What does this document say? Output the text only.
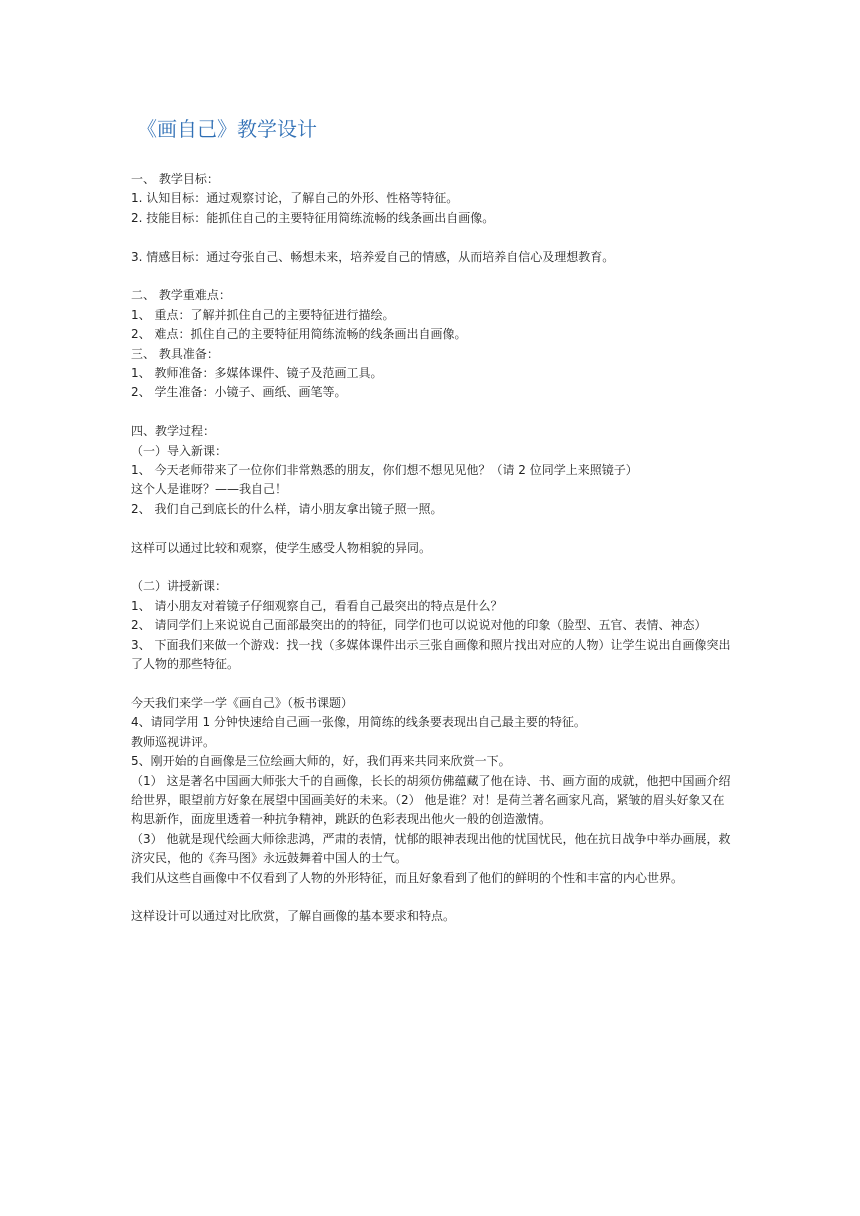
《画自己》教学设计

一、 教学目标：

1. 认知目标：通过观察讨论，了解自己的外形、性格等特征。

2. 技能目标：能抓住自己的主要特征用简练流畅的线条画出自画像。

3. 情感目标：通过夸张自己、畅想未来，培养爱自己的情感，从而培养自信心及理想教育。

二、 教学重难点：

1、 重点：了解并抓住自己的主要特征进行描绘。

2、 难点：抓住自己的主要特征用简练流畅的线条画出自画像。

三、 教具准备：

1、 教师准备：多媒体课件、镜子及范画工具。

2、 学生准备：小镜子、画纸、画笔等。

四、教学过程：

（一）导入新课：

1、 今天老师带来了一位你们非常熟悉的朋友，你们想不想见见他？（请 2 位同学上来照镜子）

这个人是谁呀？——我自己！

2、 我们自己到底长的什么样，请小朋友拿出镜子照一照。

这样可以通过比较和观察，使学生感受人物相貌的异同。

（二）讲授新课：

1、 请小朋友对着镜子仔细观察自己，看看自己最突出的特点是什么？

2、 请同学们上来说说自己面部最突出的的特征，同学们也可以说说对他的印象（脸型、五官、表情、神态）

3、 下面我们来做一个游戏：找一找（多媒体课件出示三张自画像和照片找出对应的人物）让学生说出自画像突出了人物的那些特征。

今天我们来学一学《画自己》（板书课题）

4、请同学用 1 分钟快速给自己画一张像，用简练的线条要表现出自己最主要的特征。

教师巡视讲评。

5、刚开始的自画像是三位绘画大师的，好，我们再来共同来欣赏一下。

（1） 这是著名中国画大师张大千的自画像，长长的胡须仿佛蕴藏了他在诗、书、画方面的成就，他把中国画介绍给世界，眼望前方好象在展望中国画美好的未来。（2） 他是谁？对！是荷兰著名画家凡高，紧皱的眉头好象又在构思新作，面庞里透着一种抗争精神，跳跃的色彩表现出他火一般的创造激情。

（3） 他就是现代绘画大师徐悲鸿，严肃的表情，忧郁的眼神表现出他的忧国忧民，他在抗日战争中举办画展，救济灾民，他的《奔马图》永远鼓舞着中国人的士气。

我们从这些自画像中不仅看到了人物的外形特征，而且好象看到了他们的鲜明的个性和丰富的内心世界。

这样设计可以通过对比欣赏，了解自画像的基本要求和特点。
